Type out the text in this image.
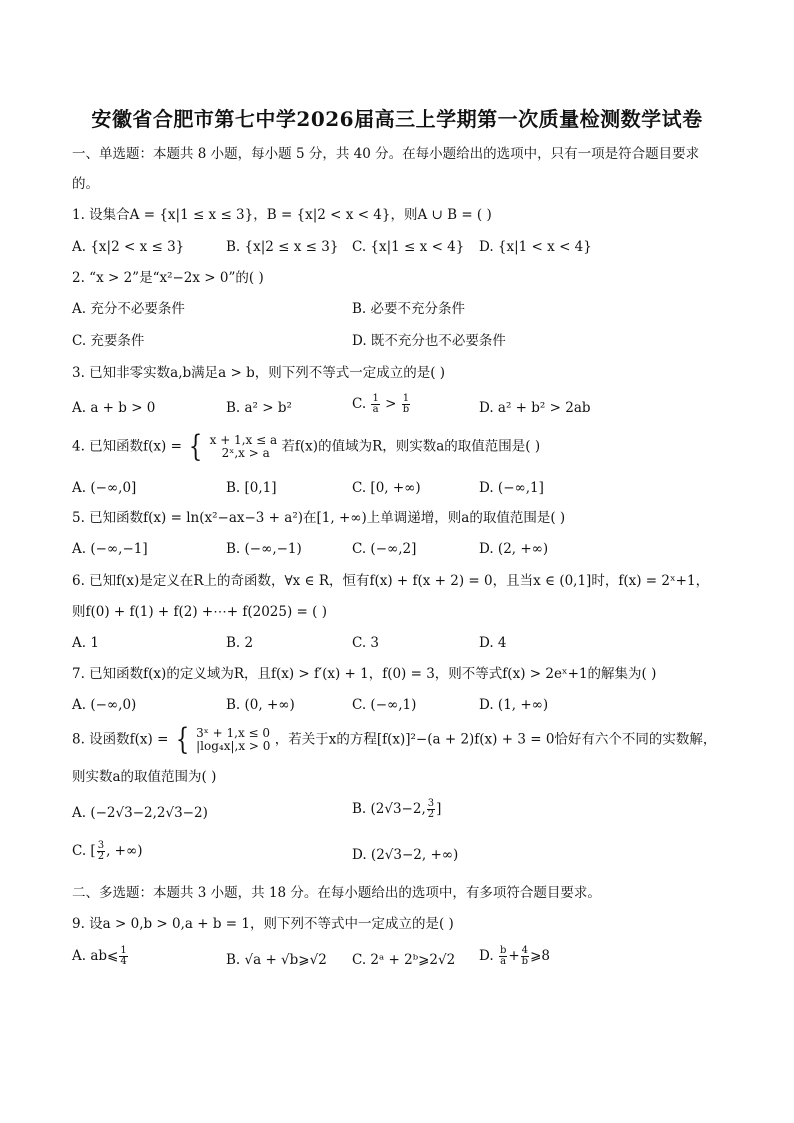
安徽省合肥市第七中学2026届高三上学期第一次质量检测数学试卷
一、单选题：本题共 8 小题，每小题 5 分，共 40 分。在每小题给出的选项中，只有一项是符合题目要求
的。
1. 设集合A = {x|1 ≤ x ≤ 3}，B = {x|2 < x < 4}，则A ∪ B = ( )
A. {x|2 < x ≤ 3}	B. {x|2 ≤ x ≤ 3} C. {x|1 ≤ x < 4} D. {x|1 < x < 4}
2. “x > 2”是“x²−2x > 0”的( )
A. 充分不必要条件	B. 必要不充分条件
C. 充要条件	D. 既不充分也不必要条件
3. 已知非零实数a,b满足a > b，则下列不等式一定成立的是( )
A. a + b > 0	B. a² > b²	C. $\frac{1}{a} > \frac{1}{b}$	D. a² + b² > 2ab
4. 已知函数f(x) = { x + 1,x ≤ a
2ˣ,x > a 若f(x)的值域为R，则实数a的取值范围是( )
A. (−∞,0]	B. [0,1]	C. [0, +∞)	D. (−∞,1]
5. 已知函数f(x) = ln(x²−ax−3 + a²)在[1, +∞)上单调递增，则a的取值范围是( )
A. (−∞,−1]	B. (−∞,−1)	C. (−∞,2]	D. (2, +∞)
6. 已知f(x)是定义在R上的奇函数，∀x ∈ R，恒有f(x) + f(x + 2) = 0，且当x ∈ (0,1]时，f(x) = 2ˣ+1，
则f(0) + f(1) + f(2) +⋯+ f(2025) = ( )
A. 1	B. 2	C. 3	D. 4
7. 已知函数f(x)的定义域为R，且f(x) > f′(x) + 1，f(0) = 3，则不等式f(x) > 2eˣ+1的解集为( )
A. (−∞,0)	B. (0, +∞)	C. (−∞,1)	D. (1, +∞)
8. 设函数f(x) = { 3ˣ + 1,x ≤ 0
|log₄x|,x > 0 ，若关于x的方程[f(x)]²−(a + 2)f(x) + 3 = 0恰好有六个不同的实数解，
则实数a的取值范围为( )
A. (−2√3−2,2√3−2)	B. (2√3−2, $\frac{3}{2}$ ]
C. [ $\frac{3}{2}$ , +∞)	D. (2√3−2, +∞)
二、多选题：本题共 3 小题，共 18 分。在每小题给出的选项中，有多项符合题目要求。
9. 设a > 0,b > 0,a + b = 1，则下列不等式中一定成立的是( )
A. ab⩽ $\frac{1}{4}$	B. √a + √b⩾√2 C. 2ᵃ + 2ᵇ⩾2√2 D. $\frac{b}{a} + \frac{4}{b}$ ⩾8
